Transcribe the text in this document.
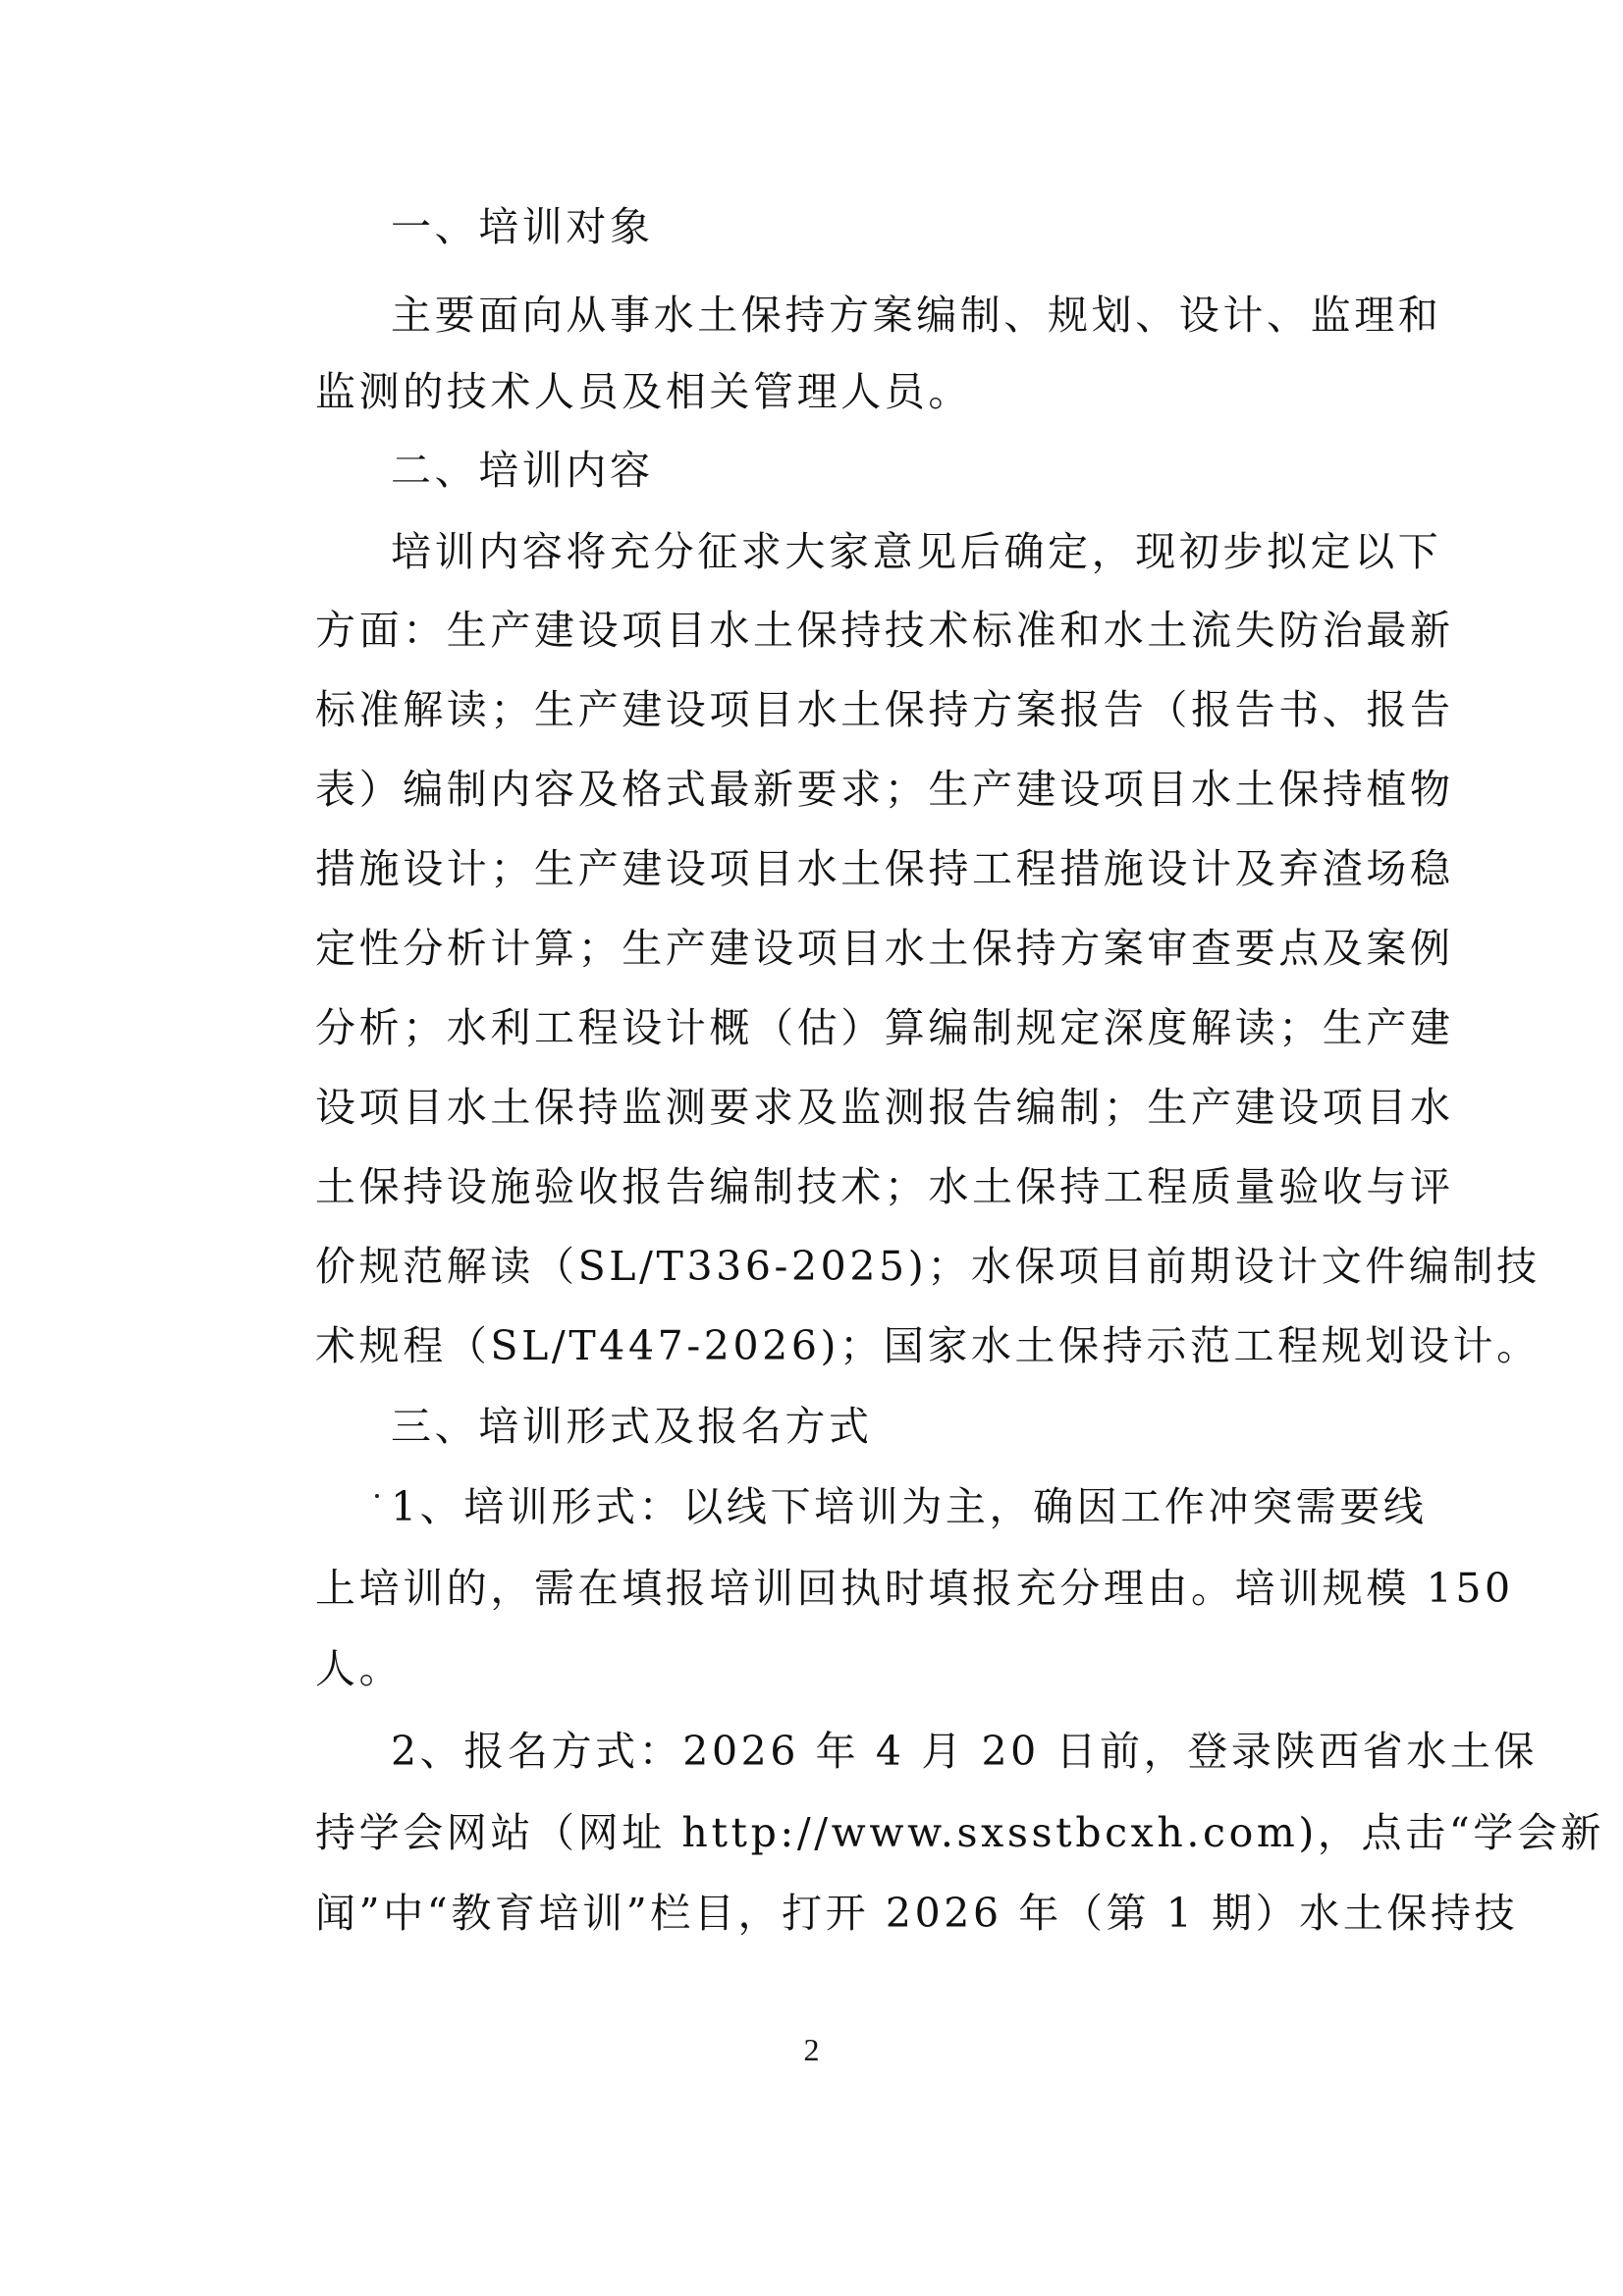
一、培训对象
主要面向从事水土保持方案编制、规划、设计、监理和
监测的技术人员及相关管理人员。
二、培训内容
培训内容将充分征求大家意见后确定，现初步拟定以下
方面：生产建设项目水土保持技术标准和水土流失防治最新
标准解读；生产建设项目水土保持方案报告（报告书、报告
表）编制内容及格式最新要求；生产建设项目水土保持植物
措施设计；生产建设项目水土保持工程措施设计及弃渣场稳
定性分析计算；生产建设项目水土保持方案审查要点及案例
分析；水利工程设计概（估）算编制规定深度解读；生产建
设项目水土保持监测要求及监测报告编制；生产建设项目水
土保持设施验收报告编制技术；水土保持工程质量验收与评
价规范解读（SL/T336-2025)；水保项目前期设计文件编制技
术规程（SL/T447-2026)；国家水土保持示范工程规划设计。
三、培训形式及报名方式
1、培训形式：以线下培训为主，确因工作冲突需要线
上培训的，需在填报培训回执时填报充分理由。培训规模 150
人。
2、报名方式：2026 年 4 月 20 日前，登录陕西省水土保
持学会网站（网址 http://www.sxsstbcxh.com)，点击“学会新
闻”中“教育培训”栏目，打开 2026 年（第 1 期）水土保持技
2
